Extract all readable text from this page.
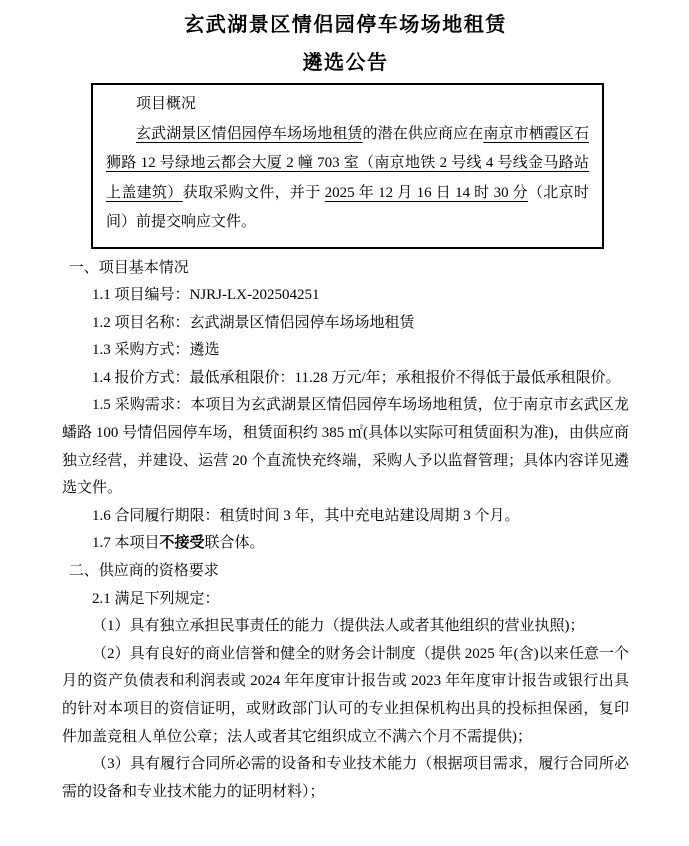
玄武湖景区情侣园停车场场地租赁
遴选公告

项目概况

玄武湖景区情侣园停车场场地租赁的潜在供应商应在南京市栖霞区石狮路 12 号绿地云都会大厦 2 幢 703 室（南京地铁 2 号线 4 号线金马路站上盖建筑）获取采购文件，并于 2025 年 12 月 16 日 14 时 30 分（北京时间）前提交响应文件。

一、项目基本情况

1.1 项目编号：NJRJ-LX-202504251

1.2 项目名称：玄武湖景区情侣园停车场场地租赁

1.3 采购方式：遴选

1.4 报价方式：最低承租限价：11.28 万元/年；承租报价不得低于最低承租限价。

1.5 采购需求：本项目为玄武湖景区情侣园停车场场地租赁，位于南京市玄武区龙蟠路 100 号情侣园停车场，租赁面积约 385 ㎡(具体以实际可租赁面积为准)，由供应商独立经营，并建设、运营 20 个直流快充终端，采购人予以监督管理；具体内容详见遴选文件。

1.6 合同履行期限：租赁时间 3 年，其中充电站建设周期 3 个月。

1.7 本项目不接受联合体。

二、供应商的资格要求

2.1 满足下列规定：

（1）具有独立承担民事责任的能力（提供法人或者其他组织的营业执照)；

（2）具有良好的商业信誉和健全的财务会计制度（提供 2025 年(含)以来任意一个月的资产负债表和利润表或 2024 年年度审计报告或 2023 年年度审计报告或银行出具的针对本项目的资信证明，或财政部门认可的专业担保机构出具的投标担保函，复印件加盖竞租人单位公章；法人或者其它组织成立不满六个月不需提供)；

（3）具有履行合同所必需的设备和专业技术能力（根据项目需求，履行合同所必需的设备和专业技术能力的证明材料）；
